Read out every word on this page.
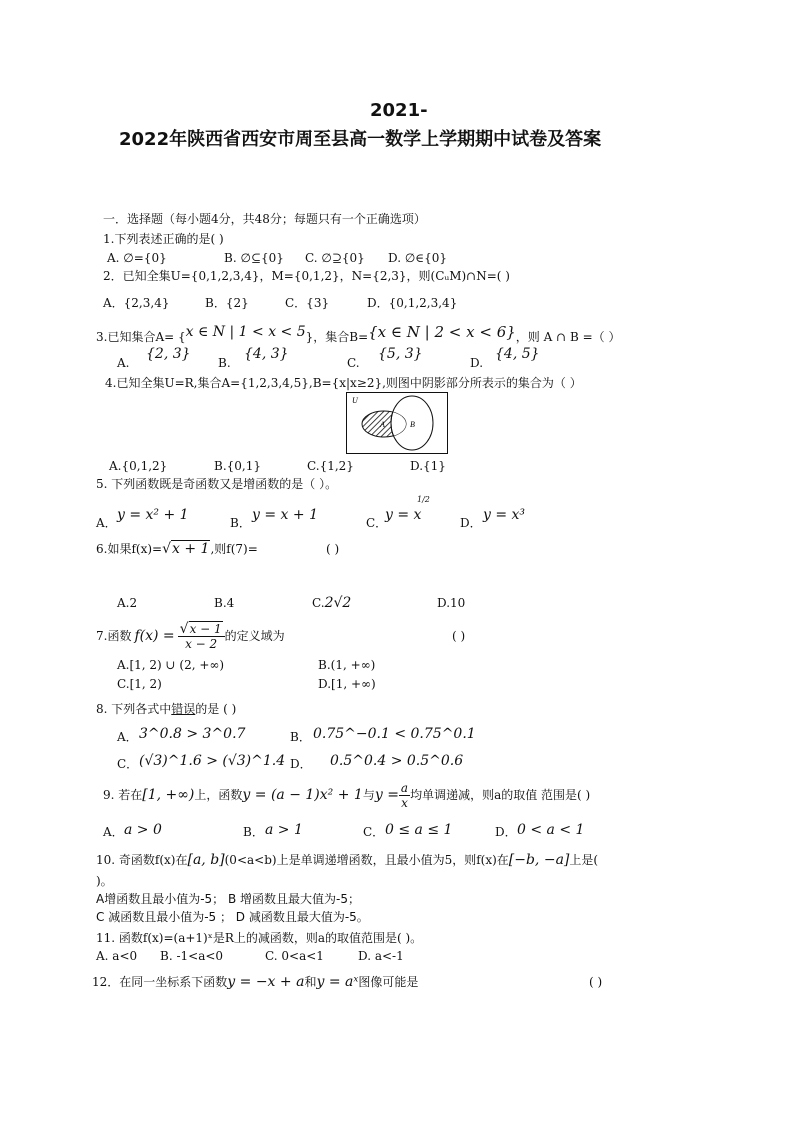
2021-
2022年陕西省西安市周至县高一数学上学期期中试卷及答案
一．选择题（每小题4分，共48分；每题只有一个正确选项）
1.下列表述正确的是( )
A. ∅={0}	B. ∅⊆{0} C. ∅⊇{0} D. ∅∈{0}
2．已知全集U={0,1,2,3,4}，M={0,1,2}，N={2,3}，则(CᵤM)∩N=( )
A．{2,3,4}	B．{2}	C．{3}	D．{0,1,2,3,4}
3.已知集合A= {x ∈ N | 1 < x < 5}，集合B={x ∈ N | 2 < x < 6}，则 A ∩ B =（ ）
A.
{2, 3}
B.
{4, 3}
C.
{5, 3}
D.
{4, 5}
4.已知全集U=R,集合A={1,2,3,4,5},B={x|x≥2},则图中阴影部分所表示的集合为（ ）
U
A	B
A.{0,1,2}	B.{0,1}	C.{1,2}	D.{1}
5. 下列函数既是奇函数又是增函数的是（ ）。
A． y = x² + 1	B． y = x + 1	C．
y = x
1/2
D． y = x³
6.如果f(x)=√x + 1,则f(7)=	( )
A.2	B.4	C.2√2	D.10
7.函数 $f(x) = \frac{√x - 1}{x - 2}$ 的定义域为	( )
A.[1, 2) ∪ (2, +∞)	B.(1, +∞)
C.[1, 2)	D.[1, +∞)
8. 下列各式中错误的是 ( )
A． 3^0.8 > 3^0.7	B． 0.75^−0.1 < 0.75^0.1
C． (√3)^1.6 > (√3)^1.4 D． 0.5^0.4 > 0.5^0.6
9. 若在 [1, +∞) 上，函数 y = (a − 1)x² + 1 与 $y = \frac{a}{x}$ 均单调递减，则a的取值 范围是( )
A． a > 0	B． a > 1	C． 0 ≤ a ≤ 1	D． 0 < a < 1
10. 奇函数f(x)在[a, b](0<a<b)上是单调递增函数，且最小值为5，则f(x)在[−b, −a]上是(
)。
A增函数且最小值为-5； B 增函数且最大值为-5；
C 减函数且最小值为-5 ； D 减函数且最大值为-5。
11. 函数f(x)=(a+1)ˣ是R上的减函数，则a的取值范围是( )。
A. a<0 B. -1<a<0	C. 0<a<1	D. a<-1
12．在同一坐标系下函数y = −x + a和y = aˣ图像可能是	( )
